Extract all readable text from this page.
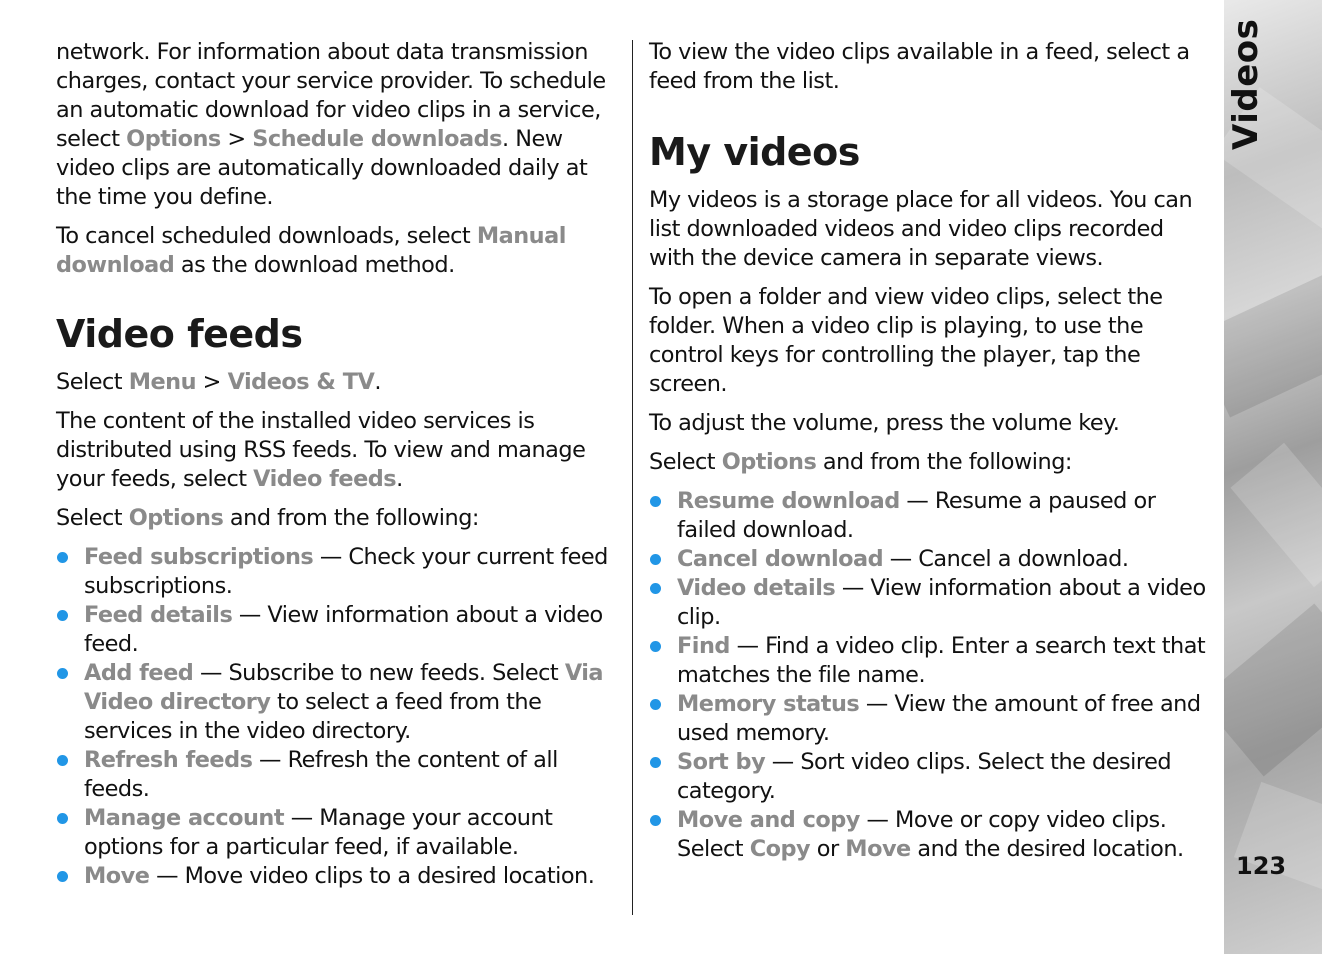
Videos
123

network. For information about data transmission charges, contact your service provider. To schedule an automatic download for video clips in a service, select Options > Schedule downloads. New video clips are automatically downloaded daily at the time you define.

To cancel scheduled downloads, select Manual download as the download method.

Video feeds

Select Menu > Videos & TV.

The content of the installed video services is distributed using RSS feeds. To view and manage your feeds, select Video feeds.

Select Options and from the following:

Feed subscriptions — Check your current feed subscriptions.
Feed details — View information about a video feed.
Add feed — Subscribe to new feeds. Select Via Video directory to select a feed from the services in the video directory.
Refresh feeds — Refresh the content of all feeds.
Manage account — Manage your account options for a particular feed, if available.
Move — Move video clips to a desired location.

To view the video clips available in a feed, select a feed from the list.

My videos

My videos is a storage place for all videos. You can list downloaded videos and video clips recorded with the device camera in separate views.

To open a folder and view video clips, select the folder. When a video clip is playing, to use the control keys for controlling the player, tap the screen.

To adjust the volume, press the volume key.

Select Options and from the following:

Resume download — Resume a paused or failed download.
Cancel download — Cancel a download.
Video details — View information about a video clip.
Find — Find a video clip. Enter a search text that matches the file name.
Memory status — View the amount of free and used memory.
Sort by — Sort video clips. Select the desired category.
Move and copy — Move or copy video clips. Select Copy or Move and the desired location.
